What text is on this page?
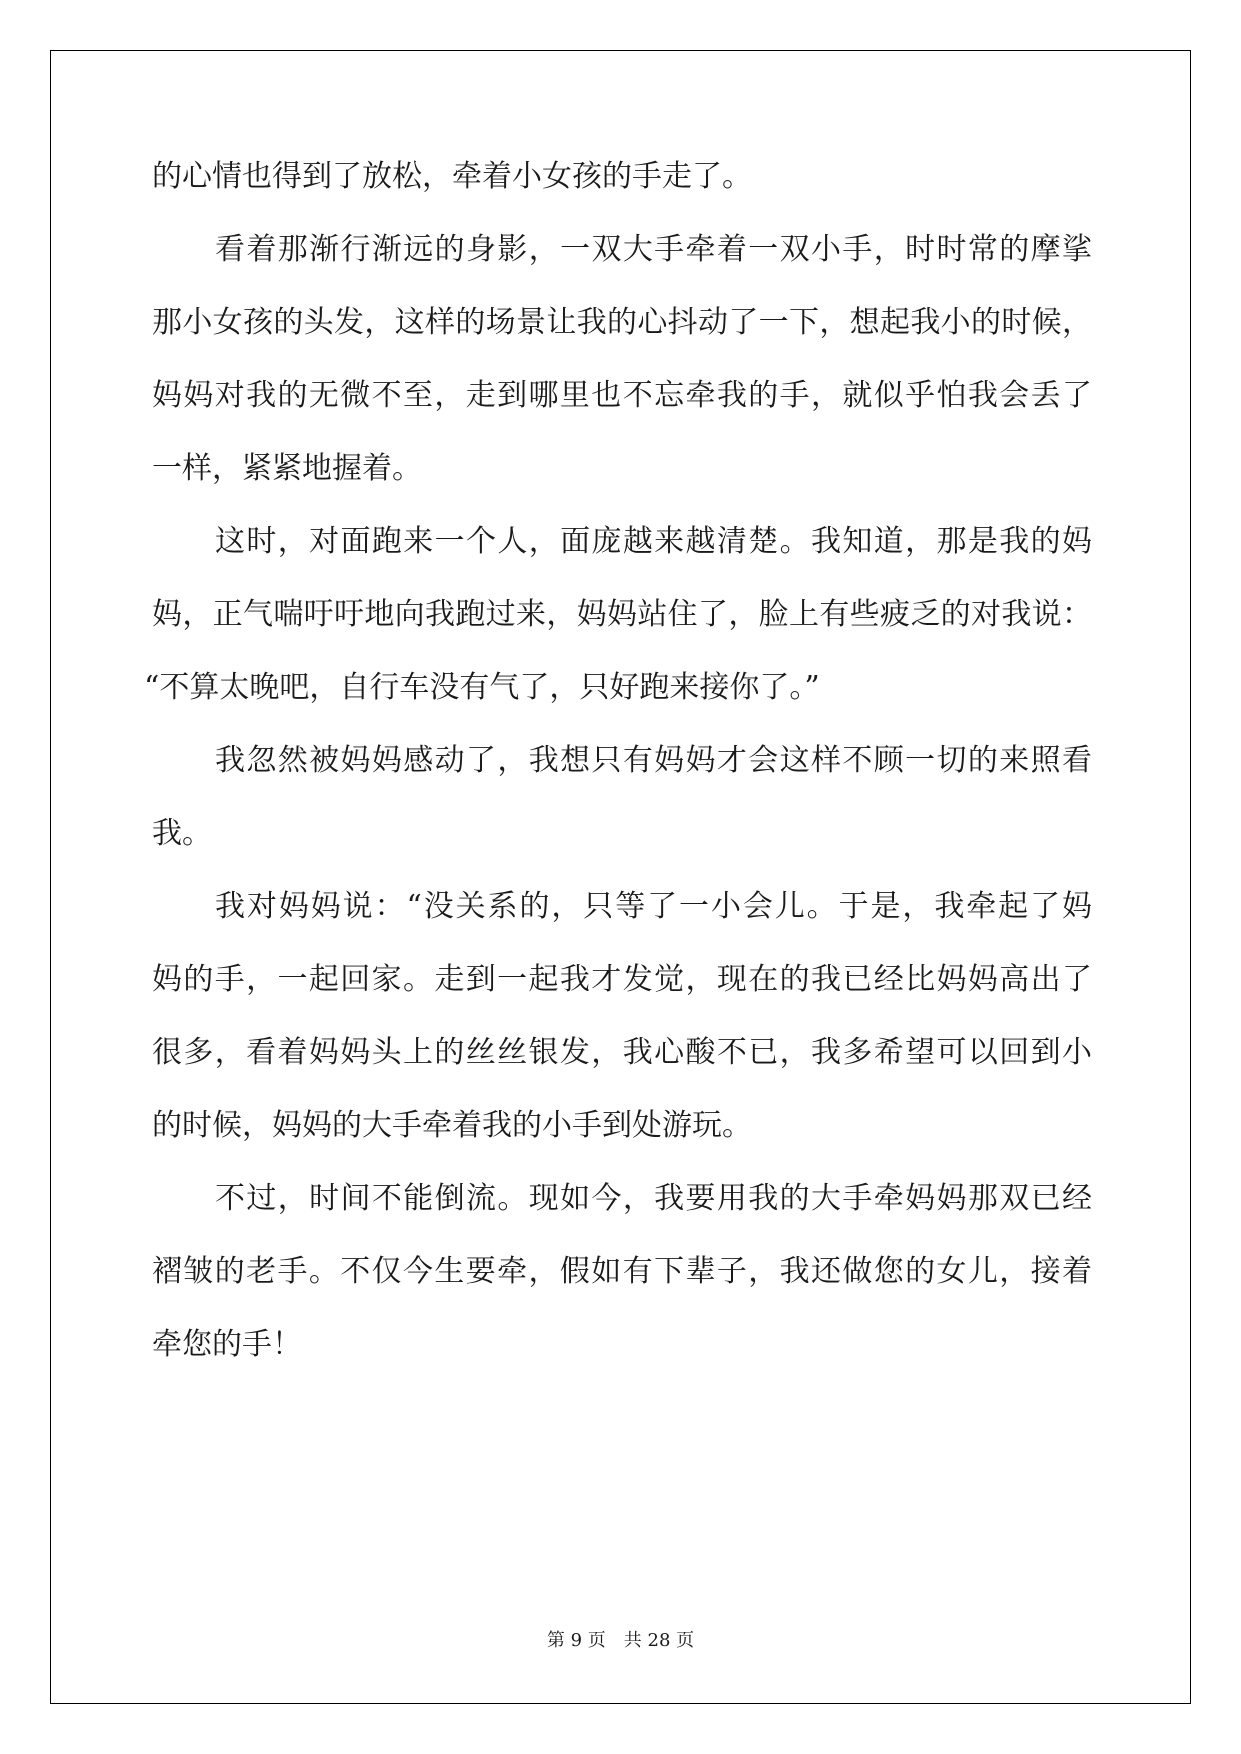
的心情也得到了放松，牵着小女孩的手走了。
看着那渐行渐远的身影，一双大手牵着一双小手，时时常的摩挲
那小女孩的头发，这样的场景让我的心抖动了一下，想起我小的时候，
妈妈对我的无微不至，走到哪里也不忘牵我的手，就似乎怕我会丢了
一样，紧紧地握着。
这时，对面跑来一个人，面庞越来越清楚。我知道，那是我的妈
妈，正气喘吁吁地向我跑过来，妈妈站住了，脸上有些疲乏的对我说：
“不算太晚吧，自行车没有气了，只好跑来接你了。”
我忽然被妈妈感动了，我想只有妈妈才会这样不顾一切的来照看
我。
我对妈妈说：“没关系的，只等了一小会儿。于是，我牵起了妈
妈的手，一起回家。走到一起我才发觉，现在的我已经比妈妈高出了
很多，看着妈妈头上的丝丝银发，我心酸不已，我多希望可以回到小
的时候，妈妈的大手牵着我的小手到处游玩。
不过，时间不能倒流。现如今，我要用我的大手牵妈妈那双已经
褶皱的老手。不仅今生要牵，假如有下辈子，我还做您的女儿，接着
牵您的手！
第 9 页　共 28 页
